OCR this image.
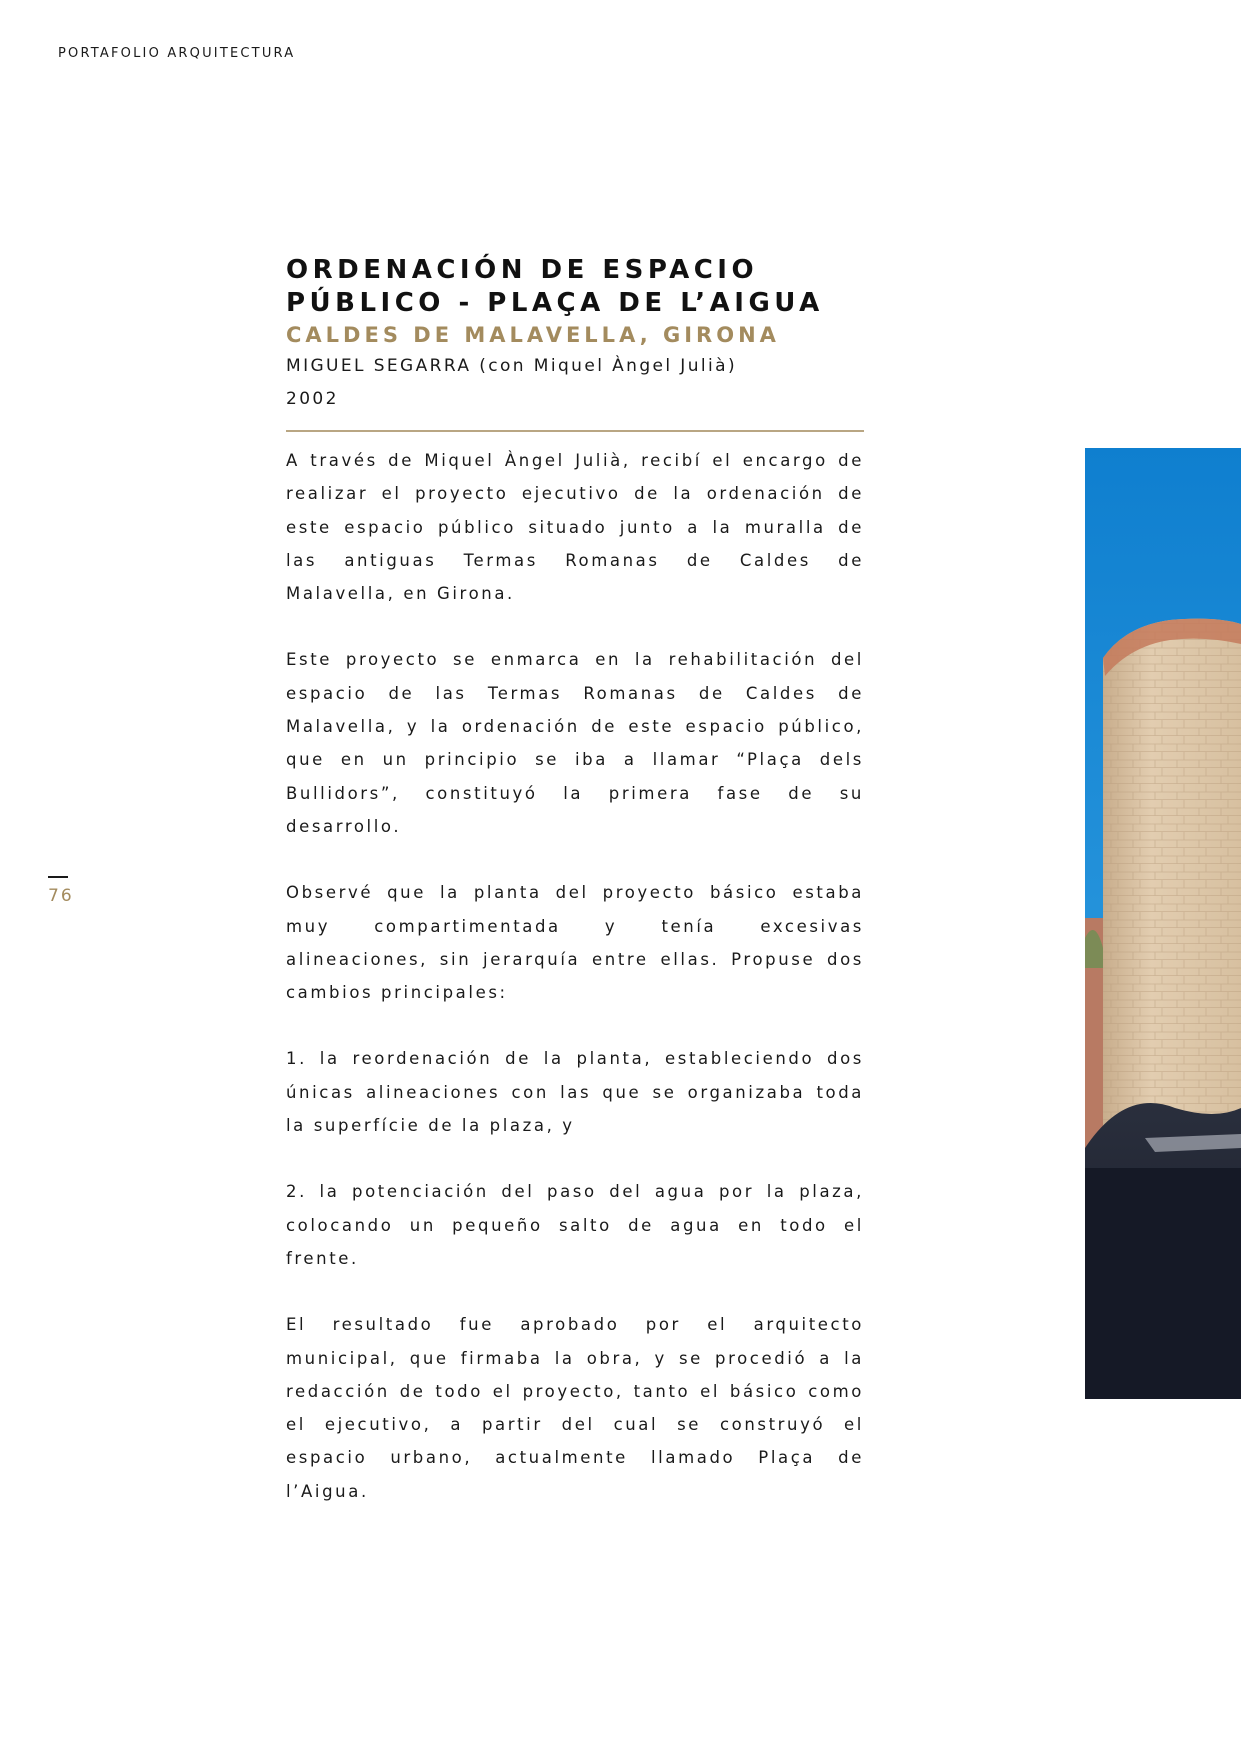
PORTAFOLIO ARQUITECTURA
76
ORDENACIÓN DE ESPACIO
PÚBLICO - PLAÇA DE L’AIGUA
CALDES DE MALAVELLA, GIRONA
MIGUEL SEGARRA (con Miquel Àngel Julià)
2002

A través de Miquel Àngel Julià, recibí el encargo de realizar el proyecto ejecutivo de la ordenación de este espacio público situado junto a la muralla de las antiguas Termas Romanas de Caldes de Malavella, en Girona.

Este proyecto se enmarca en la rehabilitación del espacio de las Termas Romanas de Caldes de Malavella, y la ordenación de este espacio público, que en un principio se iba a llamar “Plaça dels Bullidors”, constituyó la primera fase de su desarrollo.

Observé que la planta del proyecto básico estaba muy compartimentada y tenía excesivas alineaciones, sin jerarquía entre ellas. Propuse dos cambios principales:

1. la reordenación de la planta, estableciendo dos únicas alineaciones con las que se organizaba toda la superfície de la plaza, y

2. la potenciación del paso del agua por la plaza, colocando un pequeño salto de agua en todo el frente.

El resultado fue aprobado por el arquitecto municipal, que firmaba la obra, y se procedió a la redacción de todo el proyecto, tanto el básico como el ejecutivo, a partir del cual se construyó el espacio urbano, actualmente llamado Plaça de l’Aigua.
